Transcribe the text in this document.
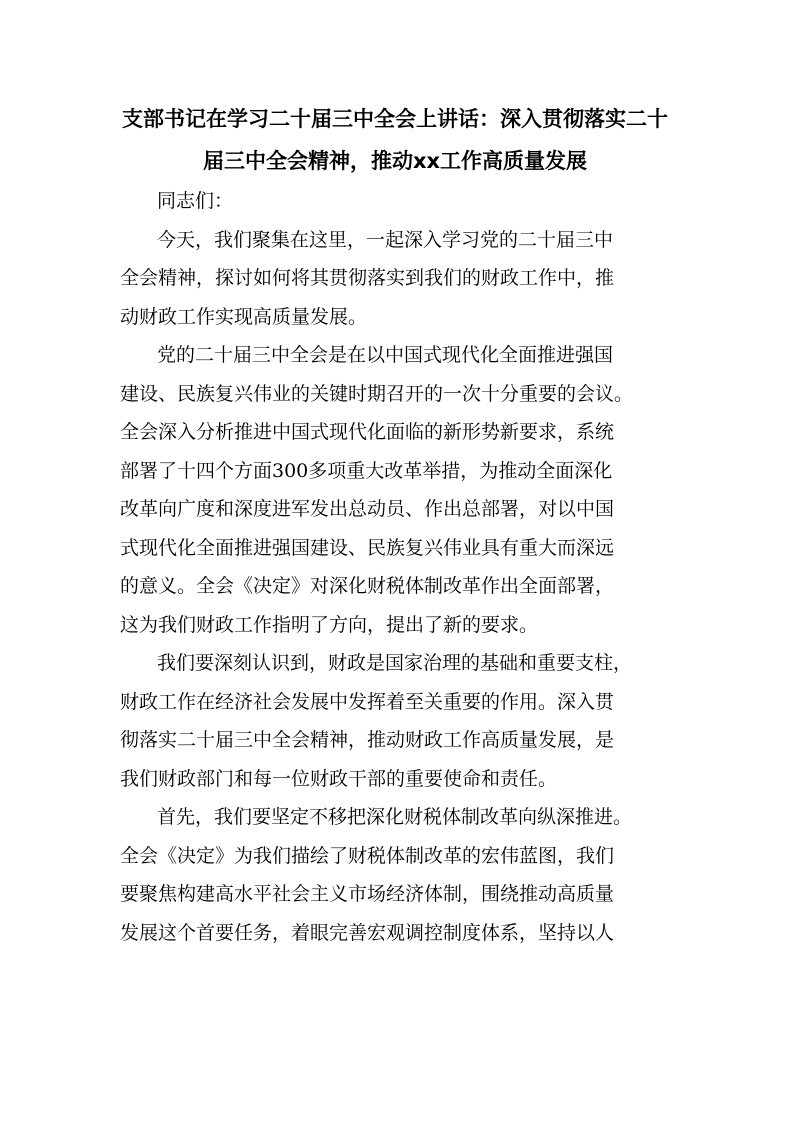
支部书记在学习二十届三中全会上讲话：深入贯彻落实二十
届三中全会精神，推动xx工作高质量发展
同志们：
今天，我们聚集在这里，一起深入学习党的二十届三中
全会精神，探讨如何将其贯彻落实到我们的财政工作中，推
动财政工作实现高质量发展。
党的二十届三中全会是在以中国式现代化全面推进强国
建设、民族复兴伟业的关键时期召开的一次十分重要的会议。
全会深入分析推进中国式现代化面临的新形势新要求，系统
部署了十四个方面300多项重大改革举措，为推动全面深化
改革向广度和深度进军发出总动员、作出总部署，对以中国
式现代化全面推进强国建设、民族复兴伟业具有重大而深远
的意义。全会《决定》对深化财税体制改革作出全面部署，
这为我们财政工作指明了方向，提出了新的要求。
我们要深刻认识到，财政是国家治理的基础和重要支柱，
财政工作在经济社会发展中发挥着至关重要的作用。深入贯
彻落实二十届三中全会精神，推动财政工作高质量发展，是
我们财政部门和每一位财政干部的重要使命和责任。
首先，我们要坚定不移把深化财税体制改革向纵深推进。
全会《决定》为我们描绘了财税体制改革的宏伟蓝图，我们
要聚焦构建高水平社会主义市场经济体制，围绕推动高质量
发展这个首要任务，着眼完善宏观调控制度体系，坚持以人
